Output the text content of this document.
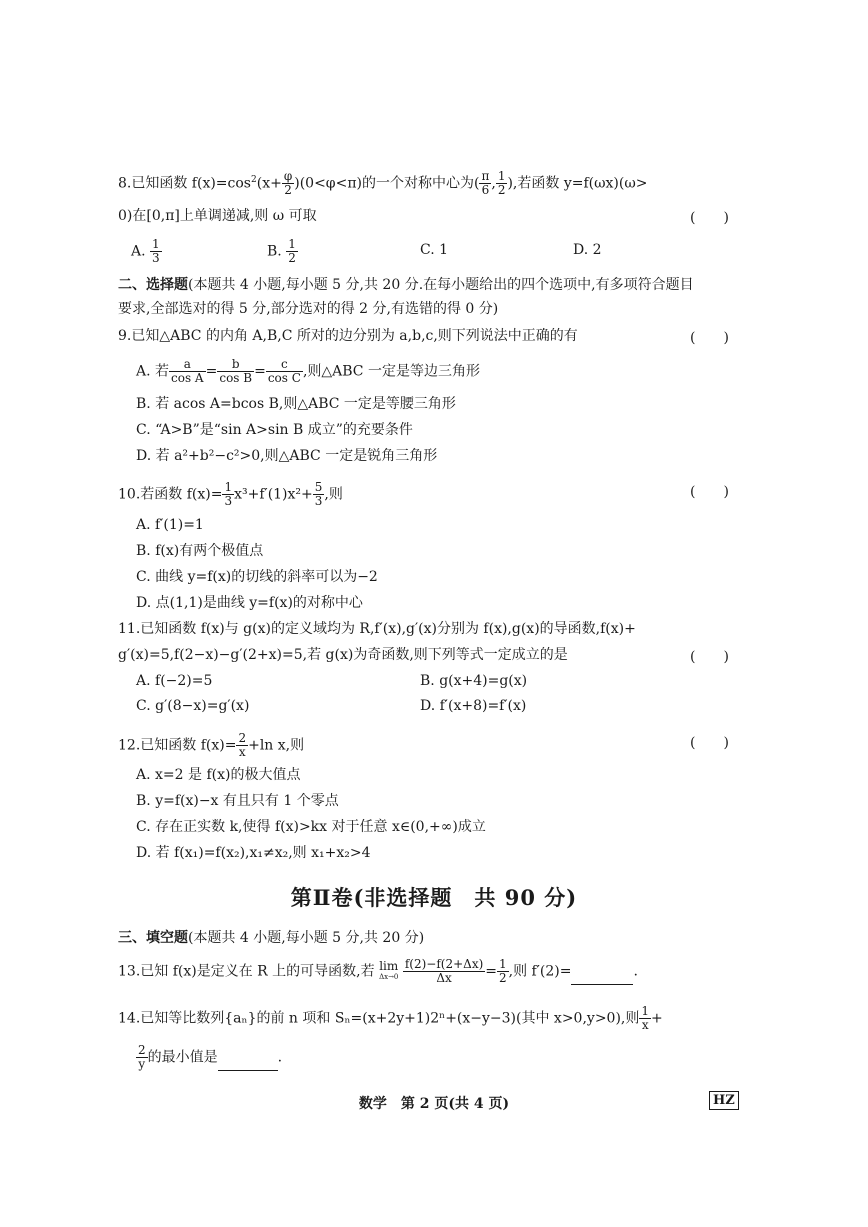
8.已知函数 $f(x)=\cos^2(x+ \frac{\varphi}{2} )(0<\varphi<\pi)$的一个对称中心为( $\frac{\pi}{6}$ , $\frac{1}{2}$ ),若函数 y=f(ωx)(ω>
0)在[0,π]上单调递减,则 ω 可取	(　　)
A. $\frac{1}{3}$	B. $\frac{1}{2}$	C. 1	D. 2
二、选择题(本题共 4 小题,每小题 5 分,共 20 分.在每小题给出的四个选项中,有多项符合题目
要求,全部选对的得 5 分,部分选对的得 2 分,有选错的得 0 分)
9.已知△ABC 的内角 A,B,C 所对的边分别为 a,b,c,则下列说法中正确的有	(　　)
A. 若 $\frac{a}{\text{cos A}} = \frac{b}{\text{cos B}} = \frac{c}{\text{cos C}}$ ,则△ABC 一定是等边三角形
B. 若 acos A=bcos B,则△ABC 一定是等腰三角形
C. “A>B”是“sin A>sin B 成立”的充要条件
D. 若 a²+b²−c²>0,则△ABC 一定是锐角三角形
10.若函数 $f(x)= \frac{1}{3} x^3+f'(1)x^2+ \frac{5}{3}$ ,则	(　　)
A. f′(1)=1
B. f(x)有两个极值点
C. 曲线 y=f(x)的切线的斜率可以为−2
D. 点(1,1)是曲线 y=f(x)的对称中心
11.已知函数 f(x)与 g(x)的定义域均为 R,f′(x),g′(x)分别为 f(x),g(x)的导函数,f(x)+
g′(x)=5,f(2−x)−g′(2+x)=5,若 g(x)为奇函数,则下列等式一定成立的是	(　　)
A. f(−2)=5	B. g(x+4)=g(x)
C. g′(8−x)=g′(x)	D. f′(x+8)=f′(x)
12.已知函数 $f(x)= \frac{2}{x} +\ln$ x,则	(　　)
A. x=2 是 f(x)的极大值点
B. y=f(x)−x 有且只有 1 个零点
C. 存在正实数 k,使得 f(x)>kx 对于任意 x∈(0,+∞)成立
D. 若 f(x₁)=f(x₂),x₁≠x₂,则 x₁+x₂>4
第Ⅱ卷(非选择题　共 90 分)
三、填空题(本题共 4 小题,每小题 5 分,共 20 分)
13.已知 f(x)是定义在 R 上的可导函数,若 lim
Δx→0
$\frac{f(2)-f(2+\Delta x)}{\Delta x} = \frac{1}{2}$ ,则 f′(2)=	.
14.已知等比数列{aₙ}的前 n 项和 Sₙ=(x+2y+1)2ⁿ+(x−y−3)(其中 x>0,y>0),则 $\frac{1}{x}$ +
$\frac{2}{y}$ 的最小值是	.
数学　第 2 页(共 4 页)	HZ
